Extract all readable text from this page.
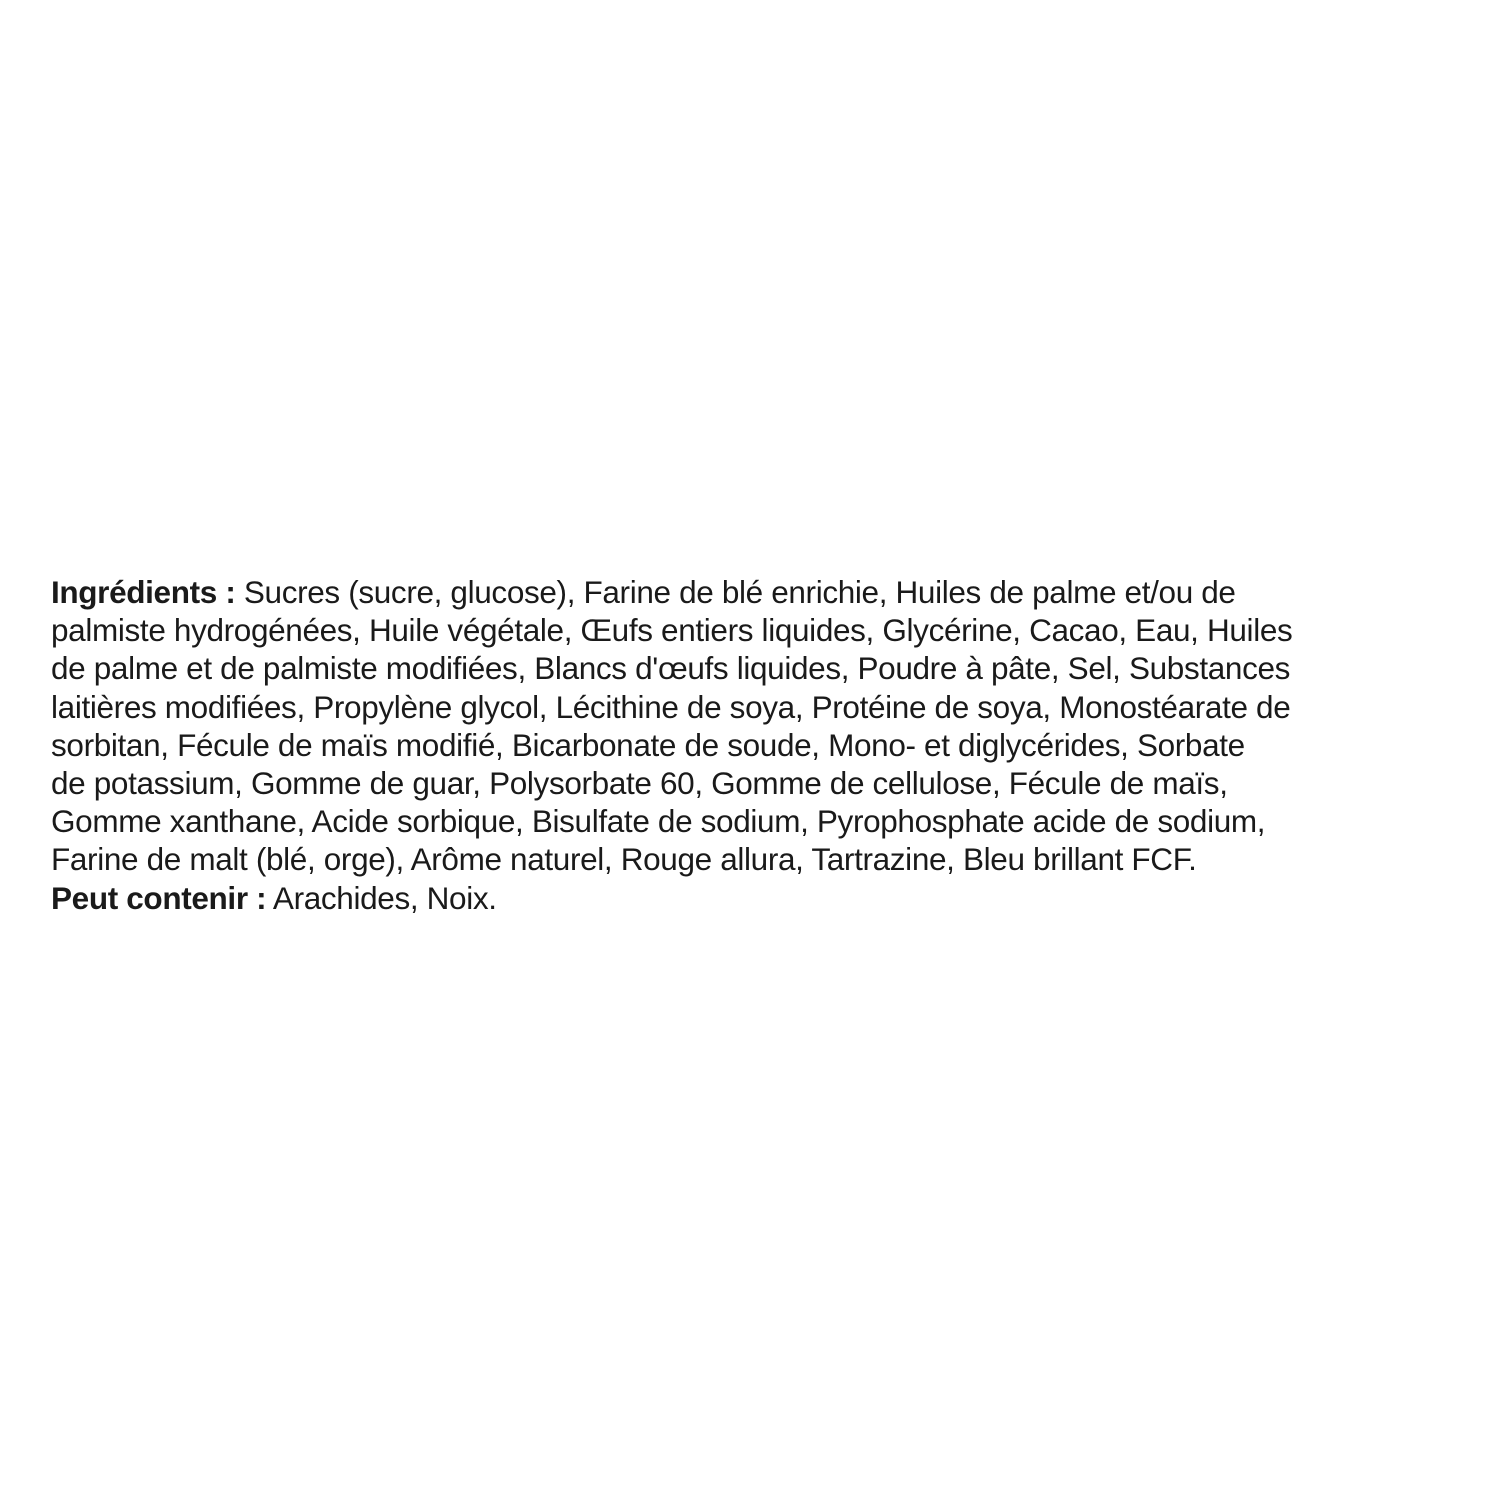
Ingrédients : Sucres (sucre, glucose), Farine de blé enrichie, Huiles de palme et/ou de
palmiste hydrogénées, Huile végétale, Œufs entiers liquides, Glycérine, Cacao, Eau, Huiles
de palme et de palmiste modifiées, Blancs d'œufs liquides, Poudre à pâte, Sel, Substances
laitières modifiées, Propylène glycol, Lécithine de soya, Protéine de soya, Monostéarate de
sorbitan, Fécule de maïs modifié, Bicarbonate de soude, Mono- et diglycérides, Sorbate
de potassium, Gomme de guar, Polysorbate 60, Gomme de cellulose, Fécule de maïs,
Gomme xanthane, Acide sorbique, Bisulfate de sodium, Pyrophosphate acide de sodium,
Farine de malt (blé, orge), Arôme naturel, Rouge allura, Tartrazine, Bleu brillant FCF.
Peut contenir : Arachides, Noix.
